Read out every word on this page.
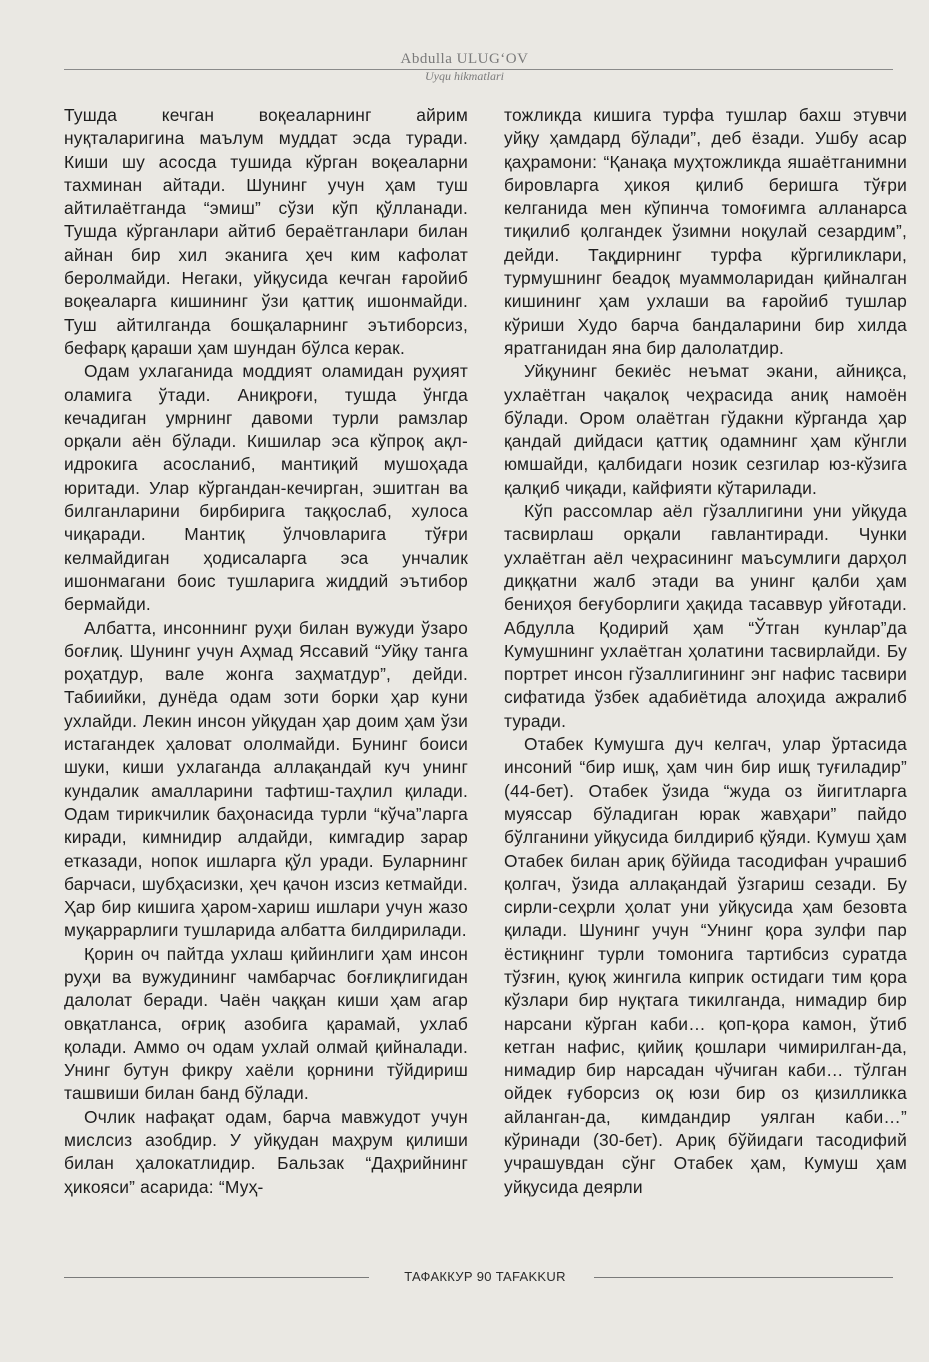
Abdulla ULUG‘OV
Uyqu hikmatlari

Тушда кечган воқеаларнинг айрим нуқталаригина маълум муддат эсда туради. Киши шу асосда тушида кўрган воқеаларни тахминан айтади. Шунинг учун ҳам туш айтилаётганда “эмиш” сўзи кўп қўлланади. Тушда кўрганлари айтиб бераётганлари билан айнан бир хил эканига ҳеч ким кафолат беролмайди. Негаки, уйқусида кечган ғаройиб воқеаларга кишининг ўзи қаттиқ ишонмайди. Туш айтилганда бошқаларнинг эътиборсиз, бефарқ қараши ҳам шундан бўлса керак.

Одам ухлаганида моддият оламидан руҳият оламига ўтади. Аниқроғи, тушда ўнгда кечадиган умрнинг давоми турли рамзлар орқали аён бўлади. Кишилар эса кўпроқ ақл-идрокига асосланиб, мантиқий мушоҳада юритади. Улар кўргандан-кечирган, эшитган ва билганларини бирбирига таққослаб, хулоса чиқаради. Мантиқ ўлчовларига тўғри келмайдиган ҳодисаларга эса унчалик ишонмагани боис тушларига жиддий эътибор бермайди.

Албатта, инсоннинг руҳи билан вужуди ўзаро боғлиқ. Шунинг учун Аҳмад Яссавий “Уйқу танга роҳатдур, вале жонга заҳматдур”, дейди. Табиийки, дунёда одам зоти борки ҳар куни ухлайди. Лекин инсон уйқудан ҳар доим ҳам ўзи истагандек ҳаловат ололмайди. Бунинг боиси шуки, киши ухлаганда аллақандай куч унинг кундалик амалларини тафтиш-таҳлил қилади. Одам тирикчилик баҳонасида турли “кўча”ларга киради, кимнидир алдайди, кимгадир зарар етказади, нопок ишларга қўл уради. Буларнинг барчаси, шубҳасизки, ҳеч қачон изсиз кетмайди. Ҳар бир кишига ҳаром-хариш ишлари учун жазо муқаррарлиги тушларида албатта билдирилади.

Қорин оч пайтда ухлаш қийинлиги ҳам инсон руҳи ва вужудининг чамбарчас боғлиқлигидан далолат беради. Чаён чаққан киши ҳам агар овқатланса, оғриқ азобига қарамай, ухлаб қолади. Аммо оч одам ухлай олмай қийналади. Унинг бутун фикру хаёли қорнини тўйдириш ташвиши билан банд бўлади.

Очлик нафақат одам, барча мавжудот учун мислсиз азобдир. У уйқудан маҳрум қилиши билан ҳалокатлидир. Бальзак “Даҳрийнинг ҳикояси” асарида: “Муҳ-

тожликда кишига турфа тушлар бахш этувчи уйқу ҳамдард бўлади”, деб ёзади. Ушбу асар қаҳрамони: “Қанақа муҳтожликда яшаётганимни бировларга ҳикоя қилиб беришга тўғри келганида мен кўпинча томоғимга алланарса тиқилиб қолгандек ўзимни ноқулай сезардим”, дейди. Тақдирнинг турфа кўргиликлари, турмушнинг беадоқ муаммоларидан қийналган кишининг ҳам ухлаши ва ғаройиб тушлар кўриши Худо барча бандаларини бир хилда яратганидан яна бир далолатдир.

Уйқунинг бекиёс неъмат экани, айниқса, ухлаётган чақалоқ чеҳрасида аниқ намоён бўлади. Ором олаётган гўдакни кўрганда ҳар қандай дийдаси қаттиқ одамнинг ҳам кўнгли юмшайди, қалбидаги нозик сезгилар юз-кўзига қалқиб чиқади, кайфияти кўтарилади.

Кўп рассомлар аёл гўзаллигини уни уйқуда тасвирлаш орқали гавлантиради. Чунки ухлаётган аёл чеҳрасининг маъсумлиги дарҳол диққатни жалб этади ва унинг қалби ҳам бениҳоя беғуборлиги ҳақида тасаввур уйғотади. Абдулла Қодирий ҳам “Ўтган кунлар”да Кумушнинг ухлаётган ҳолатини тасвирлайди. Бу портрет инсон гўзаллигининг энг нафис тасвири сифатида ўзбек адабиётида алоҳида ажралиб туради.

Отабек Кумушга дуч келгач, улар ўртасида инсоний “бир ишқ, ҳам чин бир ишқ туғиладир” (44-бет). Отабек ўзида “жуда оз йигитларга муяссар бўладиган юрак жавҳари” пайдо бўлганини уйқусида билдириб қўяди. Кумуш ҳам Отабек билан ариқ бўйида тасодифан учрашиб қолгач, ўзида аллақандай ўзгариш сезади. Бу сирли-сеҳрли ҳолат уни уйқусида ҳам безовта қилади. Шунинг учун “Унинг қора зулфи пар ёстиқнинг турли томонига тартибсиз суратда тўзғин, қуюқ жингила киприк остидаги тим қора кўзлари бир нуқтага тикилганда, нимадир бир нарсани кўрган каби… қоп-қора камон, ўтиб кетган нафис, қийиқ қошлари чимирилган-да, нимадир бир нарсадан чўчиган каби… тўлган ойдек ғуборсиз оқ юзи бир оз қизилликка айланган-да, кимдандир уялган каби…” кўринади (30-бет). Ариқ бўйидаги тасодифий учрашувдан сўнг Отабек ҳам, Кумуш ҳам уйқусида деярли

ТАФАККУР 90 TAFAKKUR
